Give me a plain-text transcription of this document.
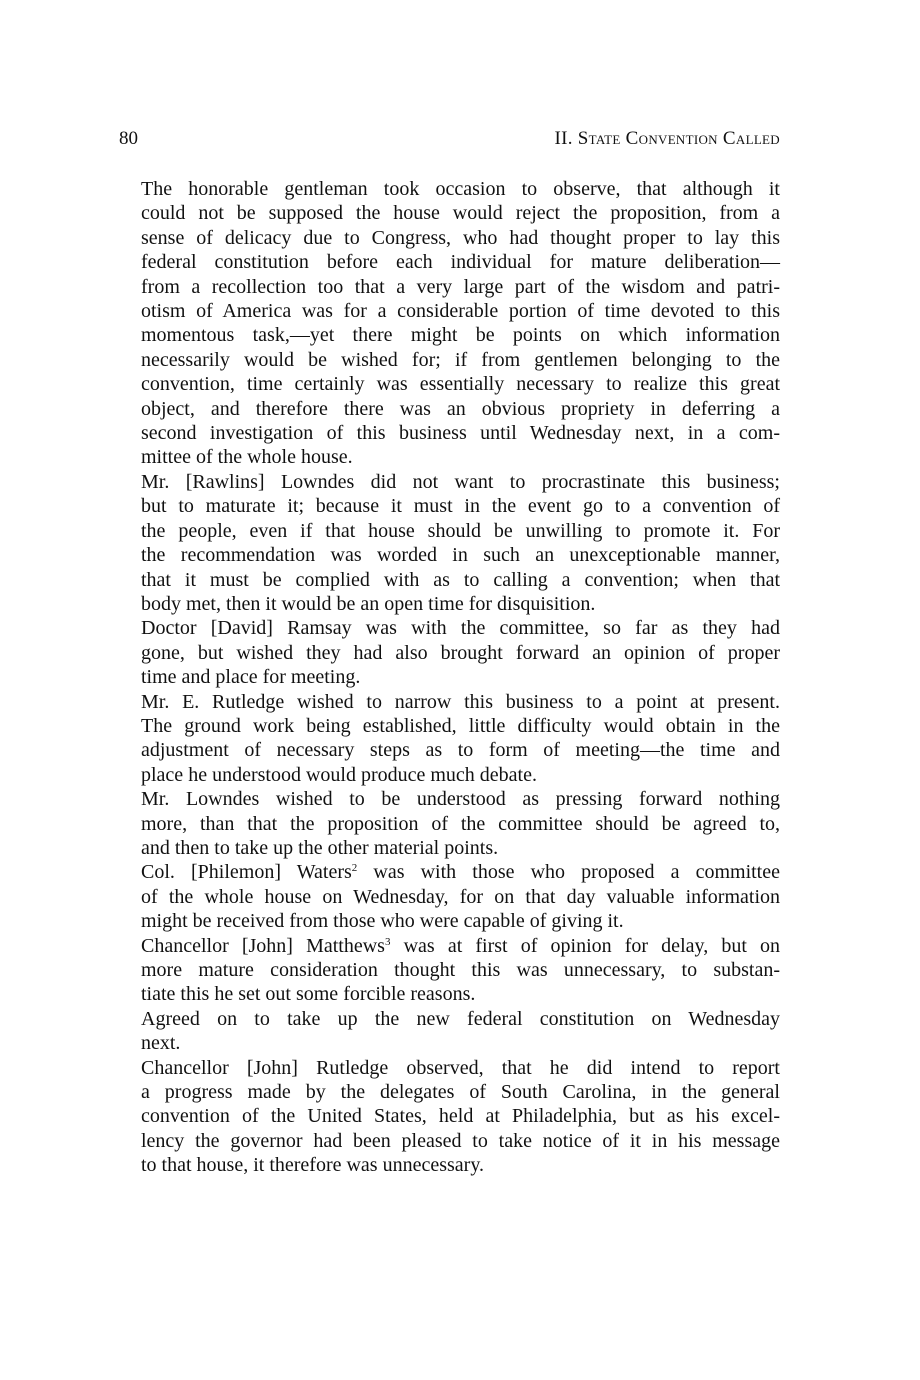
80	II. State Convention Called

The honorable gentleman took occasion to observe, that although it
could not be supposed the house would reject the proposition, from a
sense of delicacy due to Congress, who had thought proper to lay this
federal constitution before each individual for mature deliberation—
from a recollection too that a very large part of the wisdom and patri-
otism of America was for a considerable portion of time devoted to this
momentous task,—yet there might be points on which information
necessarily would be wished for; if from gentlemen belonging to the
convention, time certainly was essentially necessary to realize this great
object, and therefore there was an obvious propriety in deferring a
second investigation of this business until Wednesday next, in a com-
mittee of the whole house.

Mr. [Rawlins] Lowndes did not want to procrastinate this business;
but to maturate it; because it must in the event go to a convention of
the people, even if that house should be unwilling to promote it. For
the recommendation was worded in such an unexceptionable manner,
that it must be complied with as to calling a convention; when that
body met, then it would be an open time for disquisition.

Doctor [David] Ramsay was with the committee, so far as they had
gone, but wished they had also brought forward an opinion of proper
time and place for meeting.

Mr. E. Rutledge wished to narrow this business to a point at present.
The ground work being established, little difficulty would obtain in the
adjustment of necessary steps as to form of meeting—the time and
place he understood would produce much debate.

Mr. Lowndes wished to be understood as pressing forward nothing
more, than that the proposition of the committee should be agreed to,
and then to take up the other material points.

Col. [Philemon] Waters$^2$ was with those who proposed a committee
of the whole house on Wednesday, for on that day valuable information
might be received from those who were capable of giving it.

Chancellor [John] Matthews$^3$ was at first of opinion for delay, but on
more mature consideration thought this was unnecessary, to substan-
tiate this he set out some forcible reasons.

Agreed on to take up the new federal constitution on Wednesday
next.

Chancellor [John] Rutledge observed, that he did intend to report
a progress made by the delegates of South Carolina, in the general
convention of the United States, held at Philadelphia, but as his excel-
lency the governor had been pleased to take notice of it in his message
to that house, it therefore was unnecessary.
